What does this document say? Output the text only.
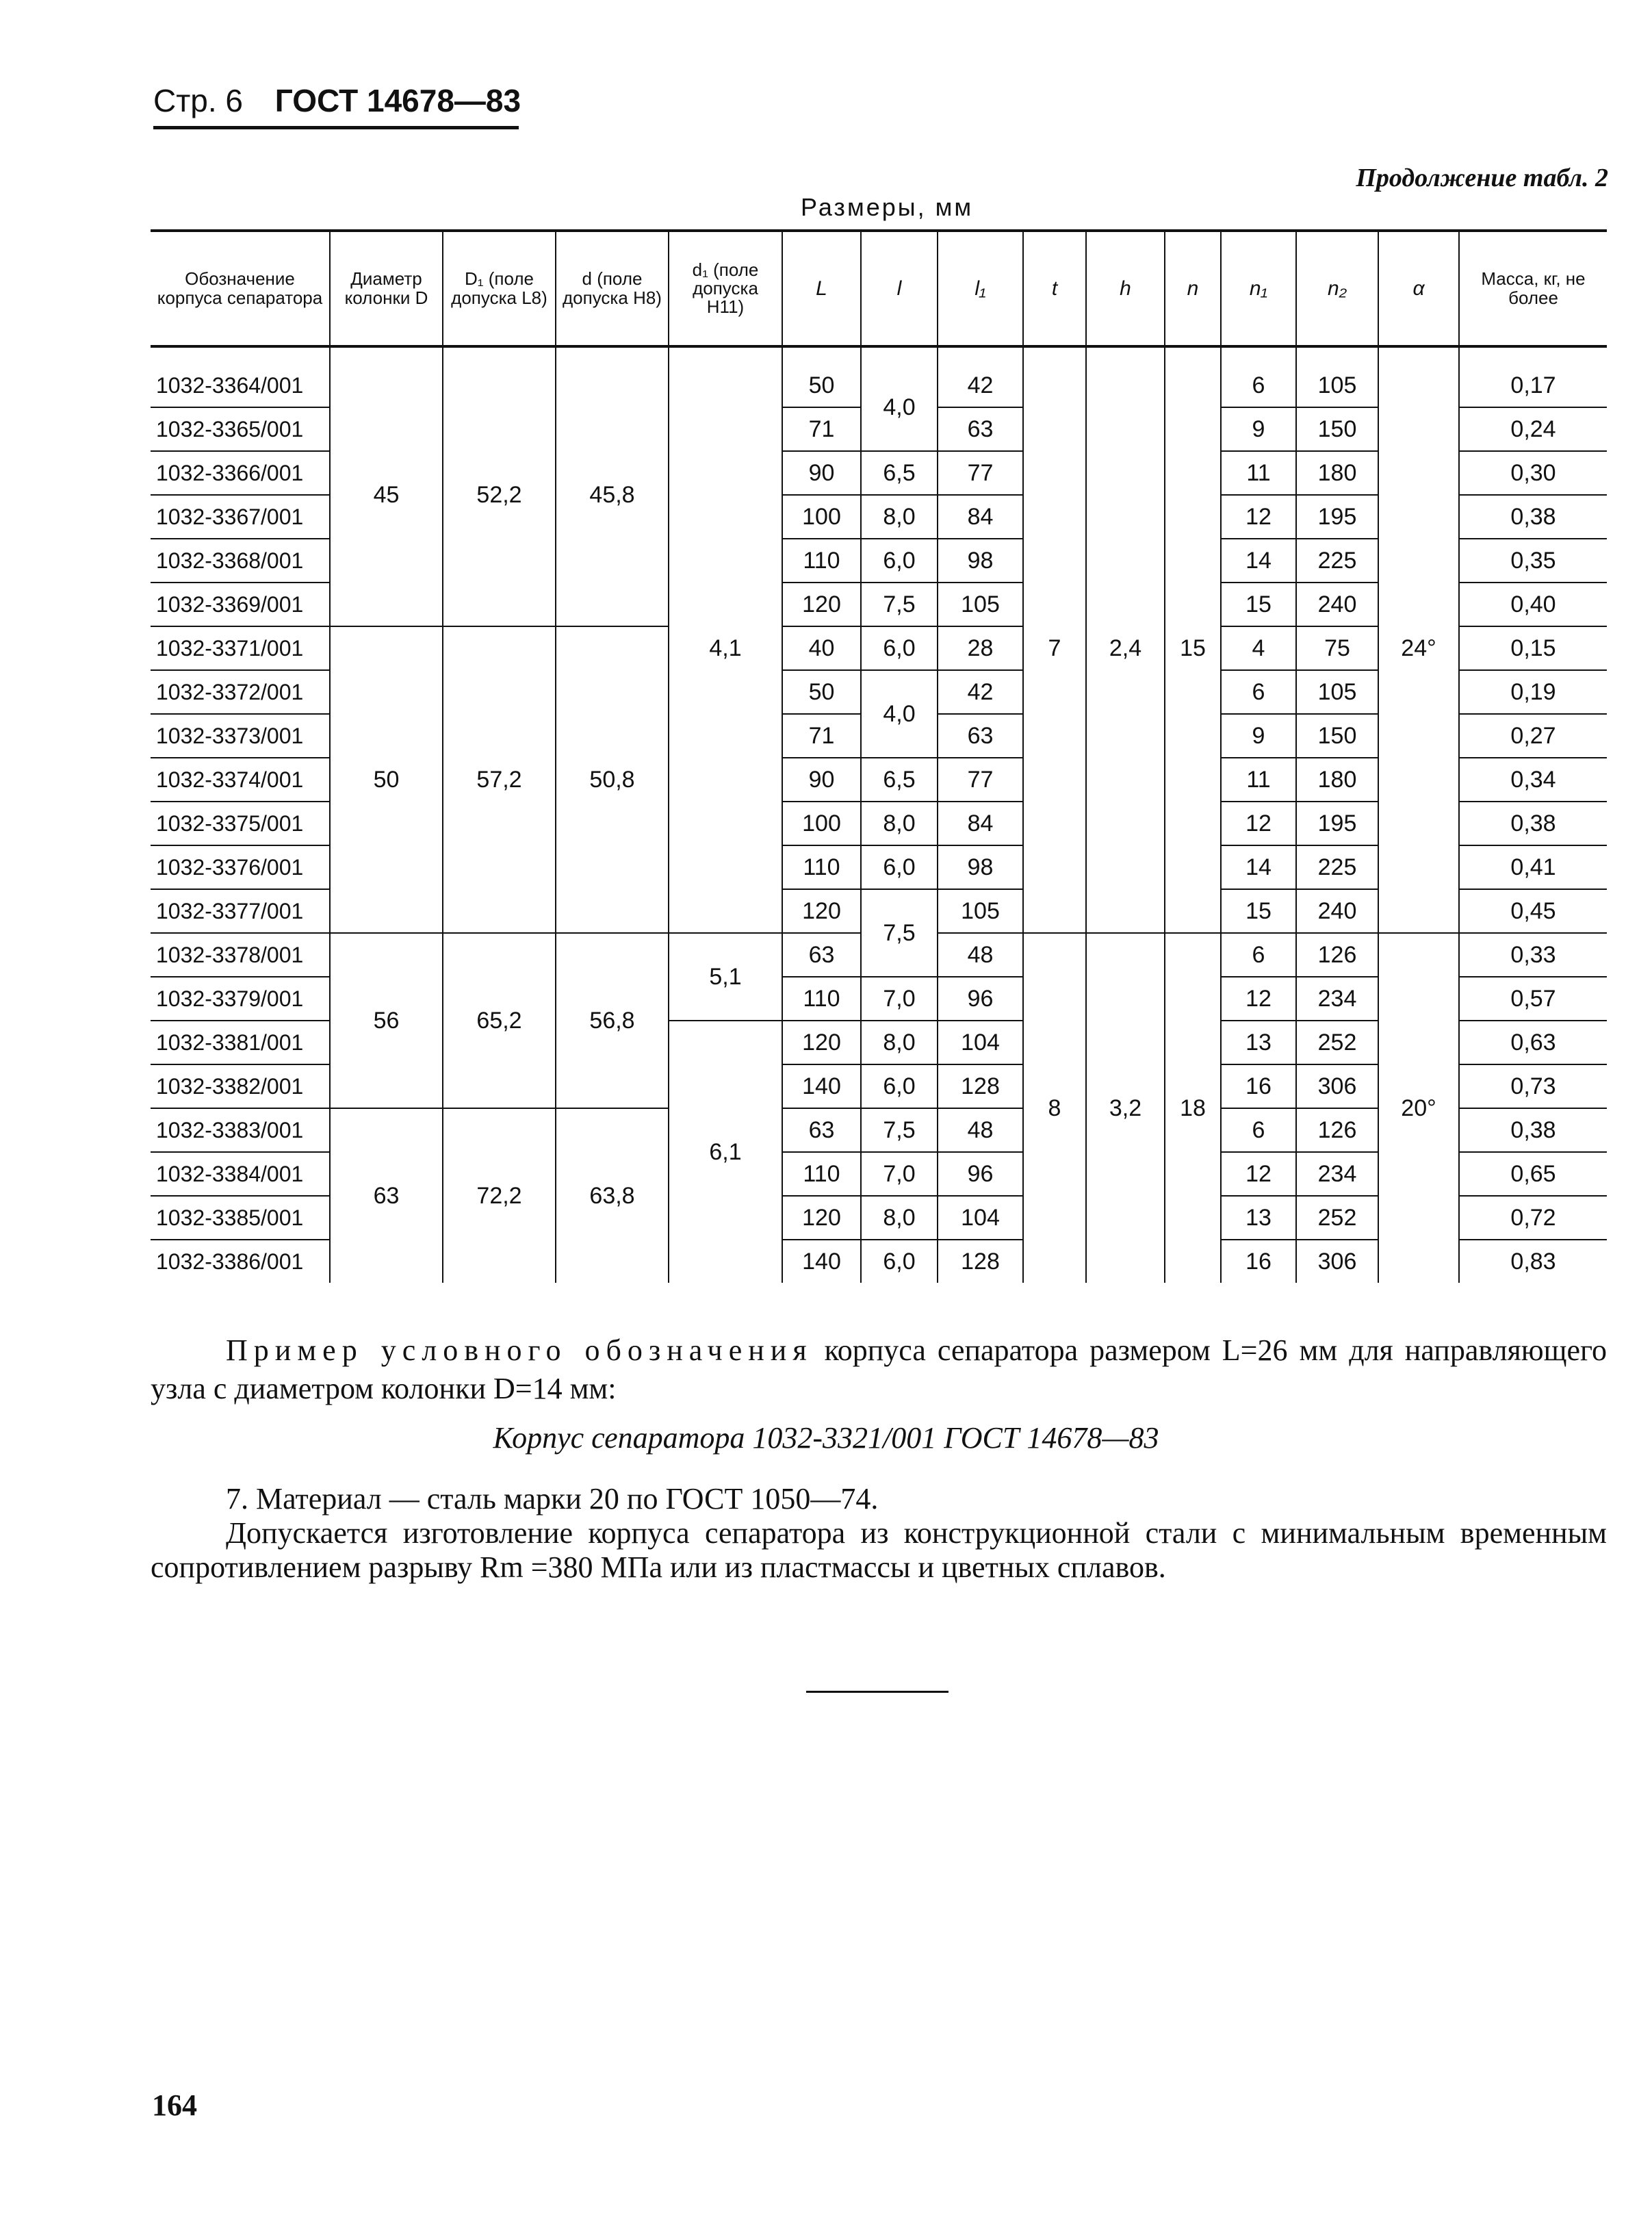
Стр. 6 ГОСТ 14678—83
Продолжение табл. 2
Размеры, мм
Обозначение корпуса сепаратора	Диаметр колонки D	D₁ (поле допуска L8)	d (поле допуска H8)	d₁ (поле допуска H11)	L	l	l₁	t	h	n	n₁	n₂	α	Масса, кг, не более

1032-3364/001	45	52,2	45,8	4,1	50	4,0	42	7	2,4	15	6	105	24°	0,17
1032-3365/001					71		63				9	150		0,24
1032-3366/001					90	6,5	77				11	180		0,30
1032-3367/001					100	8,0	84				12	195		0,38
1032-3368/001					110	6,0	98				14	225		0,35
1032-3369/001					120	7,5	105				15	240		0,40
1032-3371/001	50	57,2	50,8		40	6,0	28				4	75		0,15
1032-3372/001					50	4,0	42				6	105		0,19
1032-3373/001					71		63				9	150		0,27
1032-3374/001					90	6,5	77				11	180		0,34
1032-3375/001					100	8,0	84				12	195		0,38
1032-3376/001					110	6,0	98				14	225		0,41
1032-3377/001					120	7,5	105				15	240		0,45
1032-3378/001	56	65,2	56,8	5,1	63		48	8	3,2	18	6	126	20°	0,33
1032-3379/001					110	7,0	96				12	234		0,57
1032-3381/001				6,1	120	8,0	104				13	252		0,63
1032-3382/001					140	6,0	128				16	306		0,73
1032-3383/001	63	72,2	63,8		63	7,5	48				6	126		0,38
1032-3384/001					110	7,0	96				12	234		0,65
1032-3385/001					120	8,0	104				13	252		0,72
1032-3386/001					140	6,0	128				16	306		0,83
Пример условного обозначения корпуса сепаратора размером L=26 мм для направляющего узла с диаметром колонки D=14 мм:
Корпус сепаратора 1032-3321/001 ГОСТ 14678—83

7. Материал — сталь марки 20 по ГОСТ 1050—74.

Допускается изготовление корпуса сепаратора из конструкционной стали с минимальным временным сопротивлением разрыву Rm =380 МПа или из пластмассы и цветных сплавов.

164
